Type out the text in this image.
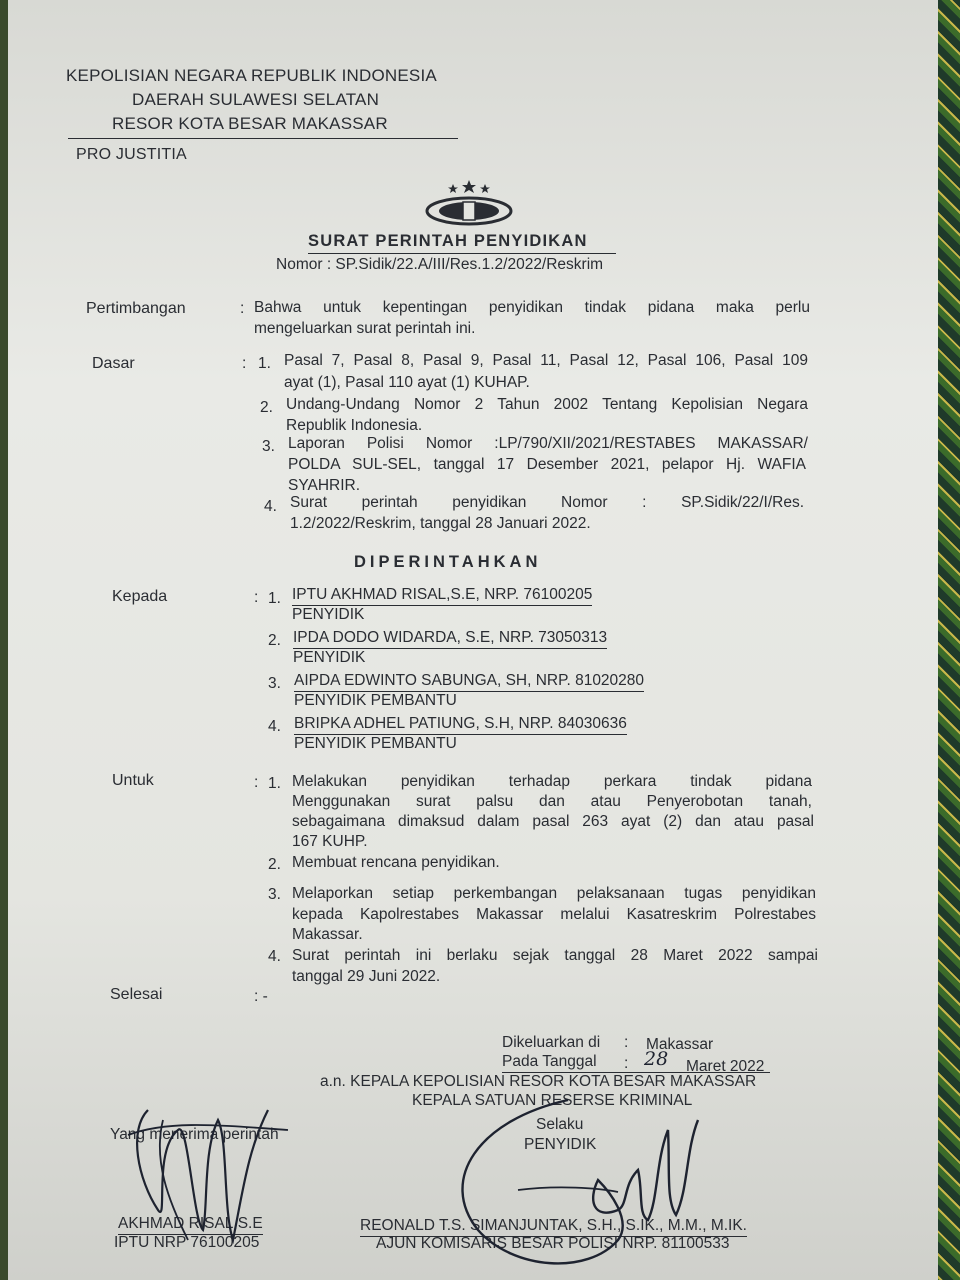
KEPOLISIAN NEGARA REPUBLIK INDONESIA
DAERAH SULAWESI SELATAN
RESOR KOTA BESAR MAKASSAR
PRO JUSTITIA
SURAT PERINTAH PENYIDIKAN
Nomor : SP.Sidik/22.A/III/Res.1.2/2022/Reskrim
Pertimbangan	: Bahwa untuk kepentingan penyidikan tindak pidana maka perlu
mengeluarkan surat perintah ini.
Dasar	: 1. Pasal 7, Pasal 8, Pasal 9, Pasal 11, Pasal 12, Pasal 106, Pasal 109
ayat (1), Pasal 110 ayat (1) KUHAP.
2. Undang-Undang Nomor 2 Tahun 2002 Tentang Kepolisian Negara
Republik Indonesia.
3. Laporan Polisi Nomor :LP/790/XII/2021/RESTABES MAKASSAR/
POLDA SUL-SEL, tanggal 17 Desember 2021, pelapor Hj. WAFIA
SYAHRIR.
4. Surat perintah penyidikan Nomor : SP.Sidik/22/I/Res.
1.2/2022/Reskrim, tanggal 28 Januari 2022.
DIPERINTAHKAN
Kepada	: 1. IPTU AKHMAD RISAL,S.E, NRP. 76100205
PENYIDIK
2. IPDA DODO WIDARDA, S.E, NRP. 73050313
PENYIDIK
3. AIPDA EDWINTO SABUNGA, SH, NRP. 81020280
PENYIDIK PEMBANTU
4. BRIPKA ADHEL PATIUNG, S.H, NRP. 84030636
PENYIDIK PEMBANTU
Untuk	: 1. Melakukan penyidikan terhadap perkara tindak pidana
Menggunakan surat palsu dan atau Penyerobotan tanah,
sebagaimana dimaksud dalam pasal 263 ayat (2) dan atau pasal
167 KUHP.
2. Membuat rencana penyidikan.
3. Melaporkan setiap perkembangan pelaksanaan tugas penyidikan
kepada Kapolrestabes Makassar melalui Kasatreskrim Polrestabes
Makassar.
4. Surat perintah ini berlaku sejak tanggal 28 Maret 2022 sampai
tanggal 29 Juni 2022.
Selesai	: -
Dikeluarkan di : Makassar
Pada Tanggal	: 28 Maret 2022
a.n. KEPALA KEPOLISIAN RESOR KOTA BESAR MAKASSAR
KEPALA SATUAN RESERSE KRIMINAL
Selaku
PENYIDIK
REONALD T.S. SIMANJUNTAK, S.H., S.IK., M.M., M.IK.
AJUN KOMISARIS BESAR POLISI NRP. 81100533
Yang menerima perintah
AKHMAD RISAL,S.E
IPTU NRP 76100205
